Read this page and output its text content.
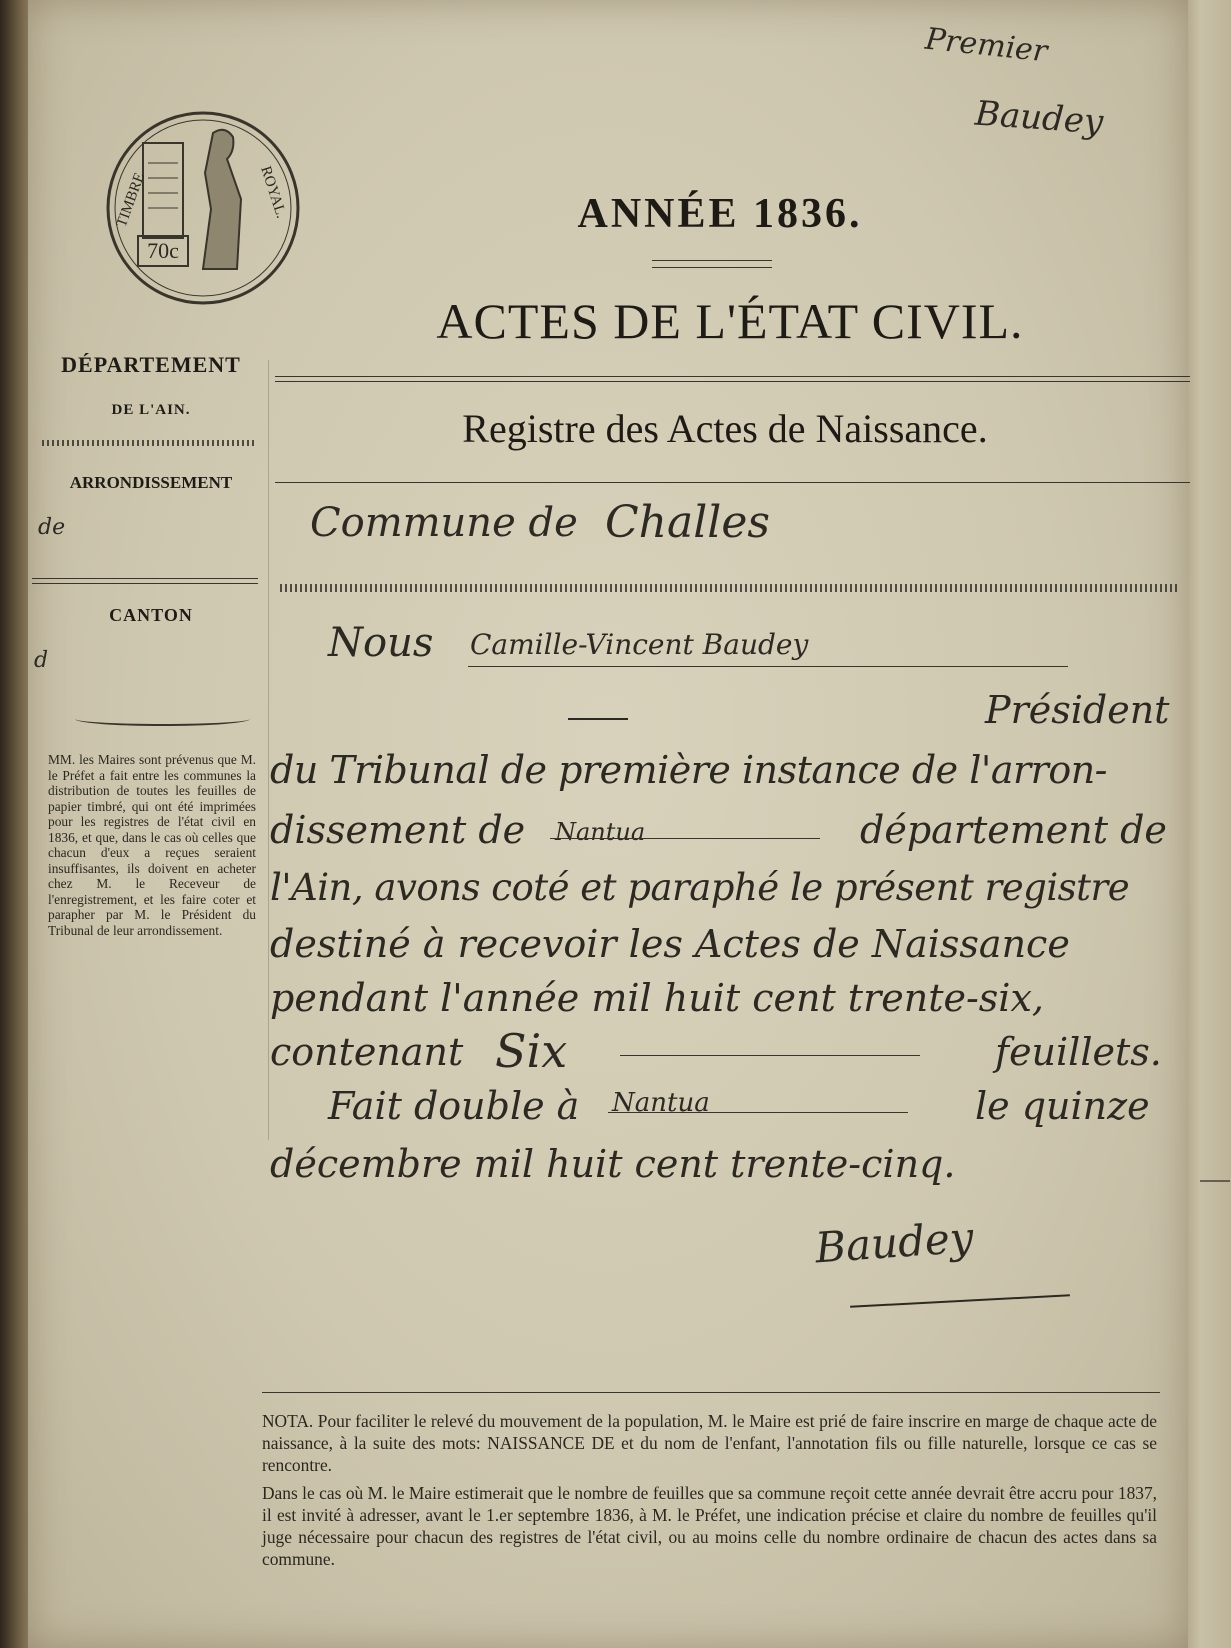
70c
TIMBRE	ROYAL.
Premier
Baudey
ANNÉE 1836.
ACTES DE L'ÉTAT CIVIL.
Registre des Actes de Naissance.
Commune de Challes
DÉPARTEMENT
DE L'AIN.
ARRONDISSEMENT
de
CANTON
d
MM. les Maires sont prévenus que M. le Préfet a fait entre les communes la distribution de toutes les feuilles de papier timbré, qui ont été imprimées pour les registres de l'état civil en 1836, et que, dans le cas où celles que chacun d'eux a reçues seraient insuffisantes, ils doivent en acheter chez M. le Receveur de l'enregistrement, et les faire coter et parapher par M. le Président du Tribunal de leur arrondissement.
Nous	Camille-Vincent Baudey
Président
du Tribunal de première instance de l'arron-
dissement de Nantua	département de
l'Ain, avons coté et paraphé le présent registre
destiné à recevoir les Actes de Naissance
pendant l'année mil huit cent trente-six,
contenant Six	feuillets.
Fait double à	Nantua	le quinze
décembre mil huit cent trente-cinq.
Baudey

NOTA. Pour faciliter le relevé du mouvement de la population, M. le Maire est prié de faire inscrire en marge de chaque acte de naissance, à la suite des mots: NAISSANCE DE et du nom de l'enfant, l'annotation fils ou fille naturelle, lorsque ce cas se rencontre.

Dans le cas où M. le Maire estimerait que le nombre de feuilles que sa commune reçoit cette année devrait être accru pour 1837, il est invité à adresser, avant le 1.er septembre 1836, à M. le Préfet, une indication précise et claire du nombre de feuilles qu'il juge nécessaire pour chacun des registres de l'état civil, ou au moins celle du nombre ordinaire de chacun des actes dans sa commune.
